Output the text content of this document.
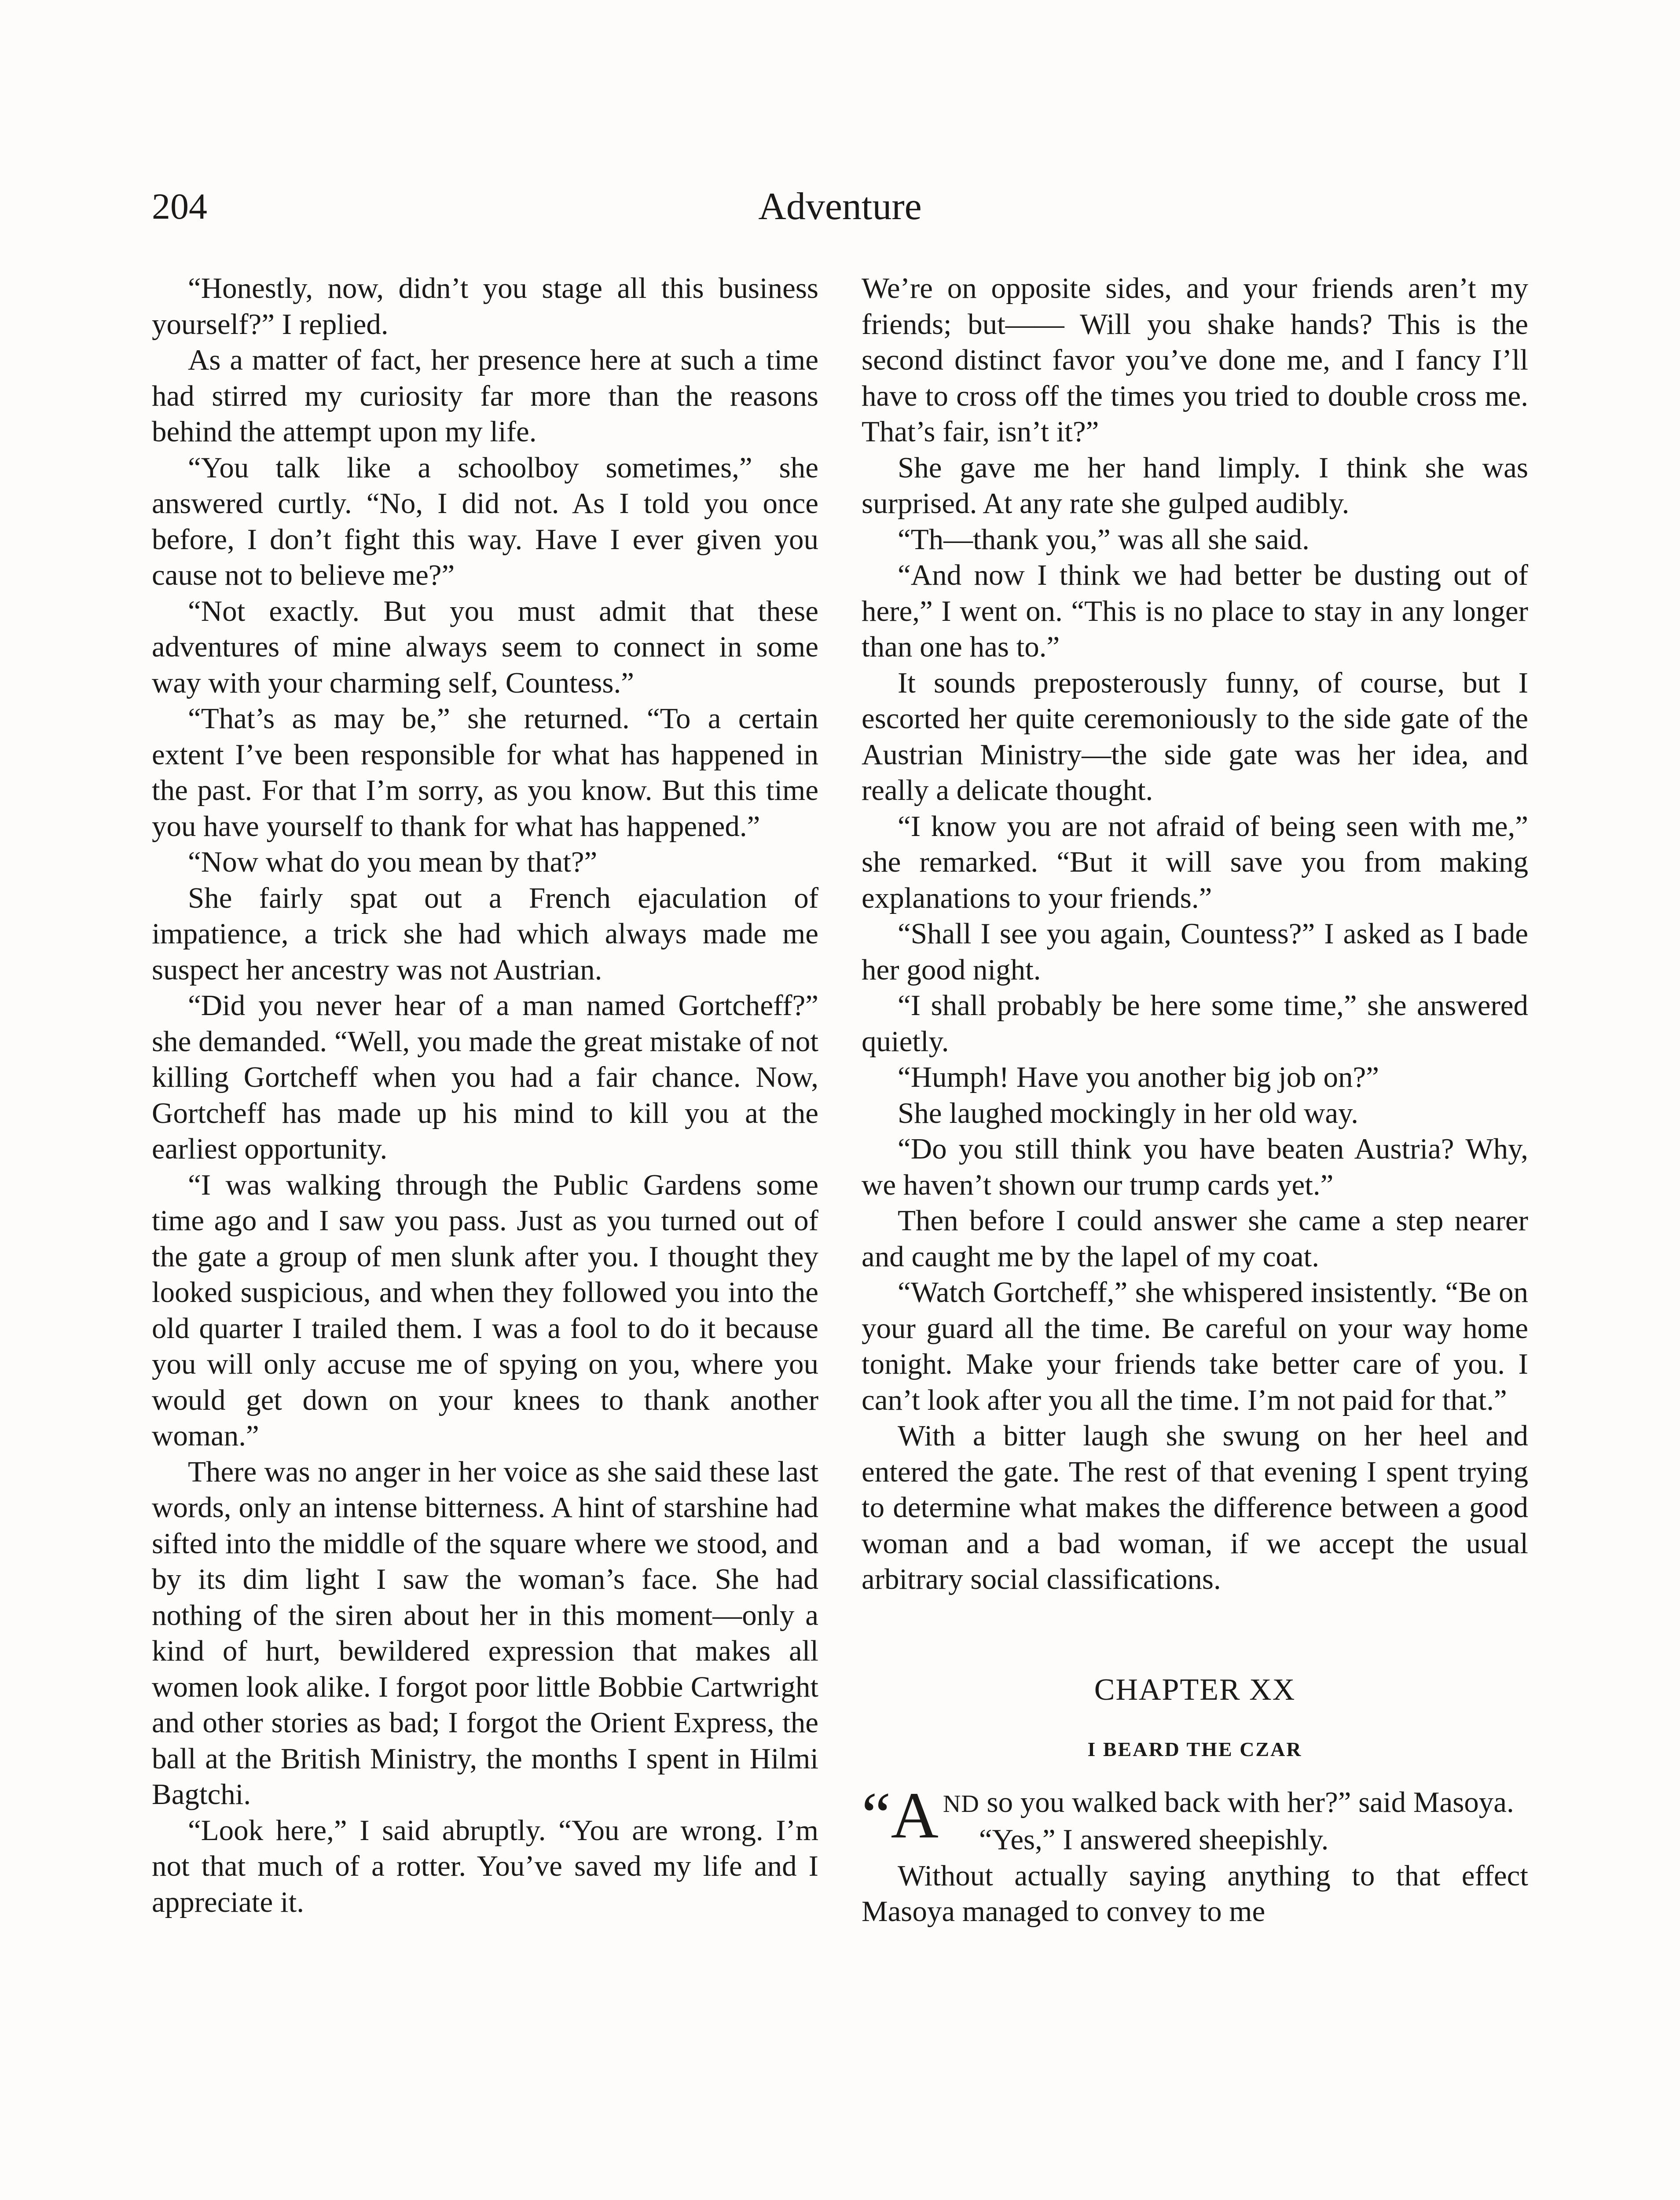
204	Adventure

“Honestly, now, didn’t you stage all this business yourself?” I replied.

As a matter of fact, her presence here at such a time had stirred my curiosity far more than the reasons behind the attempt upon my life.

“You talk like a schoolboy sometimes,” she answered curtly. “No, I did not. As I told you once before, I don’t fight this way. Have I ever given you cause not to believe me?”

“Not exactly. But you must admit that these adventures of mine always seem to connect in some way with your charming self, Countess.”

“That’s as may be,” she returned. “To a certain extent I’ve been responsible for what has happened in the past. For that I’m sorry, as you know. But this time you have yourself to thank for what has happened.”

“Now what do you mean by that?”

She fairly spat out a French ejaculation of impatience, a trick she had which always made me suspect her ancestry was not Austrian.

“Did you never hear of a man named Gortcheff?” she demanded. “Well, you made the great mistake of not killing Gortcheff when you had a fair chance. Now, Gortcheff has made up his mind to kill you at the earliest opportunity.

“I was walking through the Public Gardens some time ago and I saw you pass. Just as you turned out of the gate a group of men slunk after you. I thought they looked suspicious, and when they followed you into the old quarter I trailed them. I was a fool to do it because you will only accuse me of spying on you, where you would get down on your knees to thank another woman.”

There was no anger in her voice as she said these last words, only an intense bitterness. A hint of starshine had sifted into the middle of the square where we stood, and by its dim light I saw the woman’s face. She had nothing of the siren about her in this moment—only a kind of hurt, bewildered expression that makes all women look alike. I forgot poor little Bobbie Cartwright and other stories as bad; I forgot the Orient Express, the ball at the British Ministry, the months I spent in Hilmi Bagtchi.

“Look here,” I said abruptly. “You are wrong. I’m not that much of a rotter. You’ve saved my life and I appreciate it.

We’re on opposite sides, and your friends aren’t my friends; but—— Will you shake hands? This is the second distinct favor you’ve done me, and I fancy I’ll have to cross off the times you tried to double cross me. That’s fair, isn’t it?”

She gave me her hand limply. I think she was surprised. At any rate she gulped audibly.

“Th—thank you,” was all she said.

“And now I think we had better be dusting out of here,” I went on. “This is no place to stay in any longer than one has to.”

It sounds preposterously funny, of course, but I escorted her quite ceremoniously to the side gate of the Austrian Ministry—the side gate was her idea, and really a delicate thought.

“I know you are not afraid of being seen with me,” she remarked. “But it will save you from making explanations to your friends.”

“Shall I see you again, Countess?” I asked as I bade her good night.

“I shall probably be here some time,” she answered quietly.

“Humph! Have you another big job on?”

She laughed mockingly in her old way.

“Do you still think you have beaten Austria? Why, we haven’t shown our trump cards yet.”

Then before I could answer she came a step nearer and caught me by the lapel of my coat.

“Watch Gortcheff,” she whispered insistently. “Be on your guard all the time. Be careful on your way home tonight. Make your friends take better care of you. I can’t look after you all the time. I’m not paid for that.”

With a bitter laugh she swung on her heel and entered the gate. The rest of that evening I spent trying to determine what makes the difference between a good woman and a bad woman, if we accept the usual arbitrary social classifications.

CHAPTER XX
I BEARD THE CZAR

“A ND so you walked back with her?” said Masoya.

“Yes,” I answered sheepishly.

Without actually saying anything to that effect Masoya managed to convey to me
